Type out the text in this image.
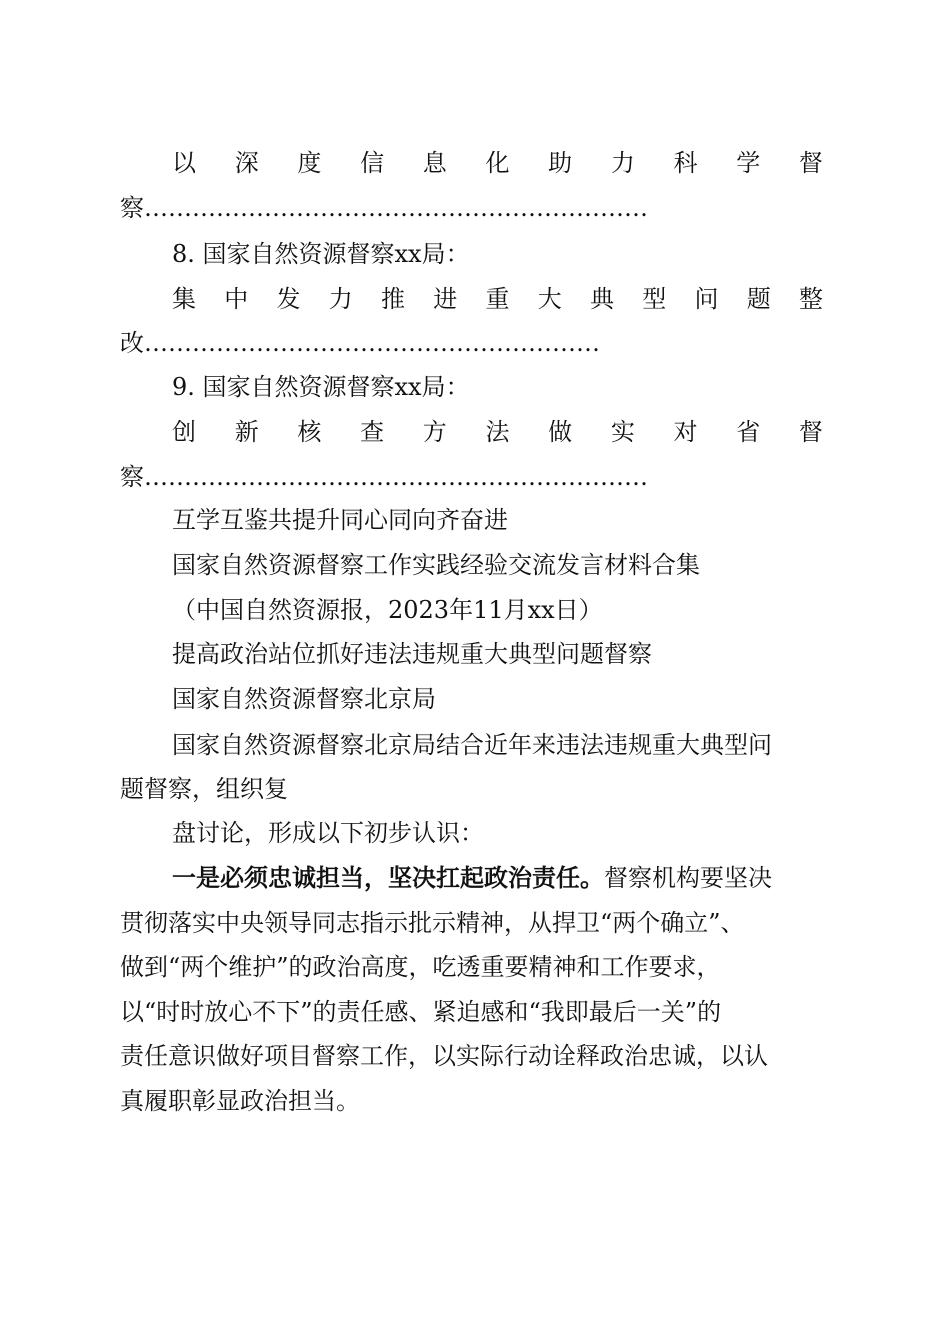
以 深 度 信 息 化 助 力 科 学 督
察………………………………………………………
8. 国家自然资源督察xx局：
集 中 发 力 推 进 重 大 典 型 问 题 整
改…………………………………………………
9. 国家自然资源督察xx局：
创 新 核 查 方 法 做 实 对 省 督
察………………………………………………………
互学互鉴共提升同心同向齐奋进
国家自然资源督察工作实践经验交流发言材料合集
（中国自然资源报，2023年11月xx日）
提高政治站位抓好违法违规重大典型问题督察
国家自然资源督察北京局
国家自然资源督察北京局结合近年来违法违规重大典型问
题督察，组织复
盘讨论，形成以下初步认识：
一是必须忠诚担当，坚决扛起政治责任。督察机构要坚决
贯彻落实中央领导同志指示批示精神，从捍卫“两个确立”、
做到“两个维护”的政治高度，吃透重要精神和工作要求，
以“时时放心不下”的责任感、紧迫感和“我即最后一关”的
责任意识做好项目督察工作，以实际行动诠释政治忠诚，以认
真履职彰显政治担当。
